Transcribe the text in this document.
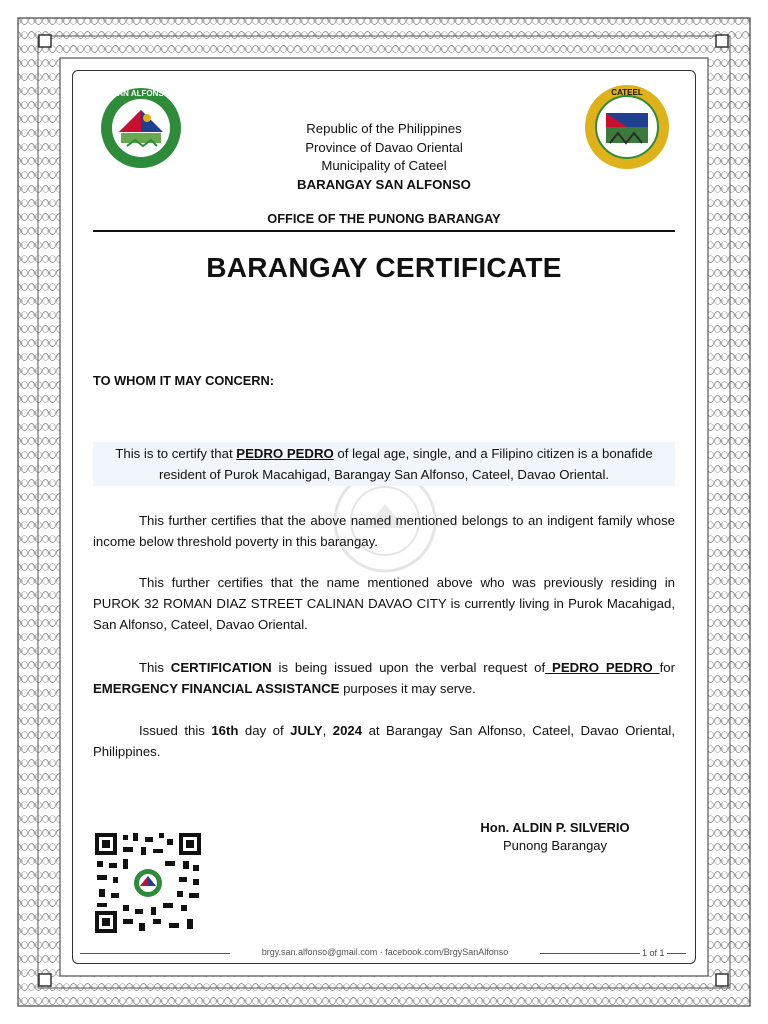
SAN ALFONSO	CATEEL
Republic of the Philippines
Province of Davao Oriental
Municipality of Cateel
BARANGAY SAN ALFONSO
OFFICE OF THE PUNONG BARANGAY
BARANGAY CERTIFICATE
TO WHOM IT MAY CONCERN:
This is to certify that PEDRO PEDRO of legal age, single, and a Filipino citizen is a bonafide resident of Purok Macahigad, Barangay San Alfonso, Cateel, Davao Oriental.
This further certifies that the above named mentioned belongs to an indigent family whose income below threshold poverty in this barangay.
This further certifies that the name mentioned above who was previously residing in PUROK 32 ROMAN DIAZ STREET CALINAN DAVAO CITY is currently living in Purok Macahigad, San Alfonso, Cateel, Davao Oriental.
This CERTIFICATION is being issued upon the verbal request of PEDRO PEDRO for EMERGENCY FINANCIAL ASSISTANCE purposes it may serve.
Issued this 16th day of JULY, 2024 at Barangay San Alfonso, Cateel, Davao Oriental, Philippines.
Hon. ALDIN P. SILVERIO
Punong Barangay
brgy.san.alfonso@gmail.com · facebook.com/BrgySanAlfonso	1 of 1
